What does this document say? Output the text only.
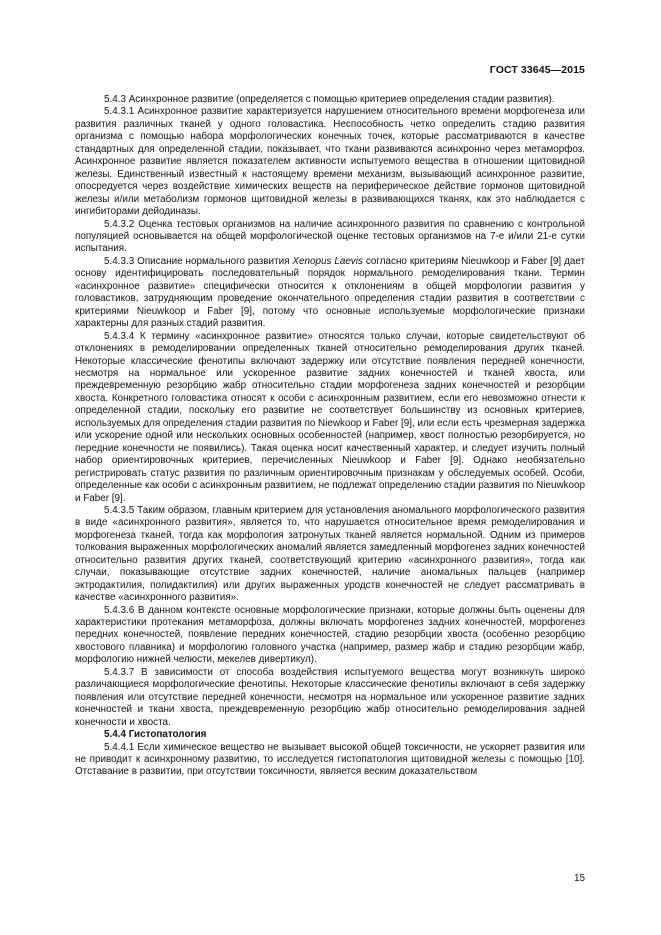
ГОСТ 33645—2015

5.4.3 Асинхронное развитие (определяется с помощью критериев определения стадии развития).

5.4.3.1 Асинхронное развитие характеризуется нарушением относительного времени морфогенеза или развития различных тканей у одного головастика. Неспособность четко определить стадию развития организма с помощью набора морфологических конечных точек, которые рассматриваются в качестве стандартных для определенной стадии, показывает, что ткани развиваются асинхронно через метаморфоз. Асинхронное развитие является показателем активности испытуемого вещества в отношении щитовидной железы. Единственный известный к настоящему времени механизм, вызывающий асинхронное развитие, опосредуется через воздействие химических веществ на периферическое действие гормонов щитовидной железы и/или метаболизм гормонов щитовидной железы в развивающихся тканях, как это наблюдается с ингибиторами дейодиназы.

5.4.3.2 Оценка тестовых организмов на наличие асинхронного развития по сравнению с контрольной популяцией основывается на общей морфологической оценке тестовых организмов на 7-е и/или 21-е сутки испытания.

5.4.3.3 Описание нормального развития Xenopus Laevis согласно критериям Nieuwkoop и Faber [9] дает основу идентифицировать последовательный порядок нормального ремоделирования ткани. Термин «асинхронное развитие» специфически относится к отклонениям в общей морфологии развития у головастиков, затрудняющим проведение окончательного определения стадии развития в соответствии с критериями Nieuwkoop и Faber [9], потому что основные используемые морфологические признаки характерны для разных стадий развития.

5.4.3.4 К термину «асинхронное развитие» относятся только случаи, которые свидетельствуют об отклонениях в ремоделировании определенных тканей относительно ремоделирования других тканей. Некоторые классические фенотипы включают задержку или отсутствие появления передней конечности, несмотря на нормальное или ускоренное развитие задних конечностей и тканей хвоста, или преждевременную резорбцию жабр относительно стадии морфогенеза задних конечностей и резорбции хвоста. Конкретного головастика относят к особи с асинхронным развитием, если его невозможно отнести к определенной стадии, поскольку его развитие не соответствует большинству из основных критериев, используемых для определения стадии развития по Niewkoop и Faber [9], или если есть чрезмерная задержка или ускорение одной или нескольких основных особенностей (например, хвост полностью резорбируется, но передние конечности не появились). Такая оценка носит качественный характер, и следует изучить полный набор ориентировочных критериев, перечисленных Nieuwkoop и Faber [9]. Однако необязательно регистрировать статус развития по различным ориентировочным признакам у обследуемых особей. Особи, определенные как особи с асинхронным развитием, не подлежат определению стадии развития по Nieuwkoop и Faber [9].

5.4.3.5 Таким образом, главным критерием для установления аномального морфологического развития в виде «асинхронного развития», является то, что нарушается относительное время ремоделирования и морфогенеза тканей, тогда как морфология затронутых тканей является нормальной. Одним из примеров толкования выраженных морфологических аномалий является замедленный морфогенез задних конечностей относительно развития других тканей, соответствующий критерию «асинхронного развития», тогда как случаи, показывающие отсутствие задних конечностей, наличие аномальных пальцев (например эктродактилия, полидактилия) или других выраженных уродств конечностей не следует рассматривать в качестве «асинхронного развития».

5.4.3.6 В данном контексте основные морфологические признаки, которые должны быть оценены для характеристики протекания метаморфоза, должны включать морфогенез задних конечностей, морфогенез передних конечностей, появление передних конечностей, стадию резорбции хвоста (особенно резорбцию хвостового плавника) и морфологию головного участка (например, размер жабр и стадию резорбции жабр, морфологию нижней челюсти, мекелев дивертикул).

5.4.3.7 В зависимости от способа воздействия испытуемого вещества могут возникнуть широко различающиеся морфологические фенотипы. Некоторые классические фенотипы включают в себя задержку появления или отсутствие передней конечности, несмотря на нормальное или ускоренное развитие задних конечностей и ткани хвоста, преждевременную резорбцию жабр относительно ремоделирования задней конечности и хвоста.

5.4.4 Гистопатология

5.4.4.1 Если химическое вещество не вызывает высокой общей токсичности, не ускоряет развития или не приводит к асинхронному развитию, то исследуется гистопатология щитовидной железы с помощью [10]. Отставание в развитии, при отсутствии токсичности, является веским доказательством

15
